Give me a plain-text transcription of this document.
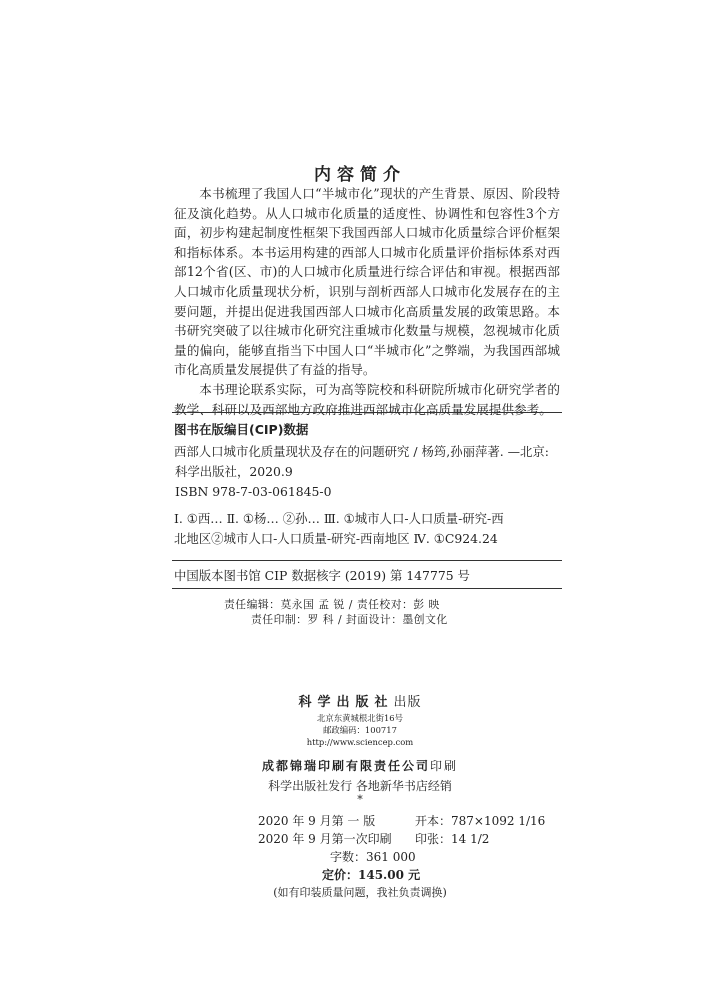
内容简介

本书梳理了我国人口“半城市化”现状的产生背景、原因、阶段特征及演化趋势。从人口城市化质量的适度性、协调性和包容性3个方面，初步构建起制度性框架下我国西部人口城市化质量综合评价框架和指标体系。本书运用构建的西部人口城市化质量评价指标体系对西部12个省(区、市)的人口城市化质量进行综合评估和审视。根据西部人口城市化质量现状分析，识别与剖析西部人口城市化发展存在的主要问题，并提出促进我国西部人口城市化高质量发展的政策思路。本书研究突破了以往城市化研究注重城市化数量与规模，忽视城市化质量的偏向，能够直指当下中国人口“半城市化”之弊端，为我国西部城市化高质量发展提供了有益的指导。

本书理论联系实际，可为高等院校和科研院所城市化研究学者的教学、科研以及西部地方政府推进西部城市化高质量发展提供参考。

图书在版编目(CIP)数据
西部人口城市化质量现状及存在的问题研究 / 杨筠,孙丽萍著. —北京:
科学出版社，2020.9
ISBN 978-7-03-061845-0
Ⅰ. ①西… Ⅱ. ①杨… ②孙… Ⅲ. ①城市人口-人口质量-研究-西
北地区②城市人口-人口质量-研究-西南地区 Ⅳ. ①C924.24
中国版本图书馆 CIP 数据核字 (2019) 第 147775 号
责任编辑：莫永国 孟 锐 / 责任校对：彭 映
责任印制：罗 科 / 封面设计：墨创文化
科学出版社出版
北京东黄城根北街16号
邮政编码：100717
http://www.sciencep.com
成都锦瑞印刷有限责任公司印刷
科学出版社发行 各地新华书店经销
*
2020 年 9 月第 一 版	开本：787×1092 1/16
2020 年 9 月第一次印刷 印张：14 1/2
字数：361 000
定价：145.00 元
(如有印装质量问题，我社负责调换)
